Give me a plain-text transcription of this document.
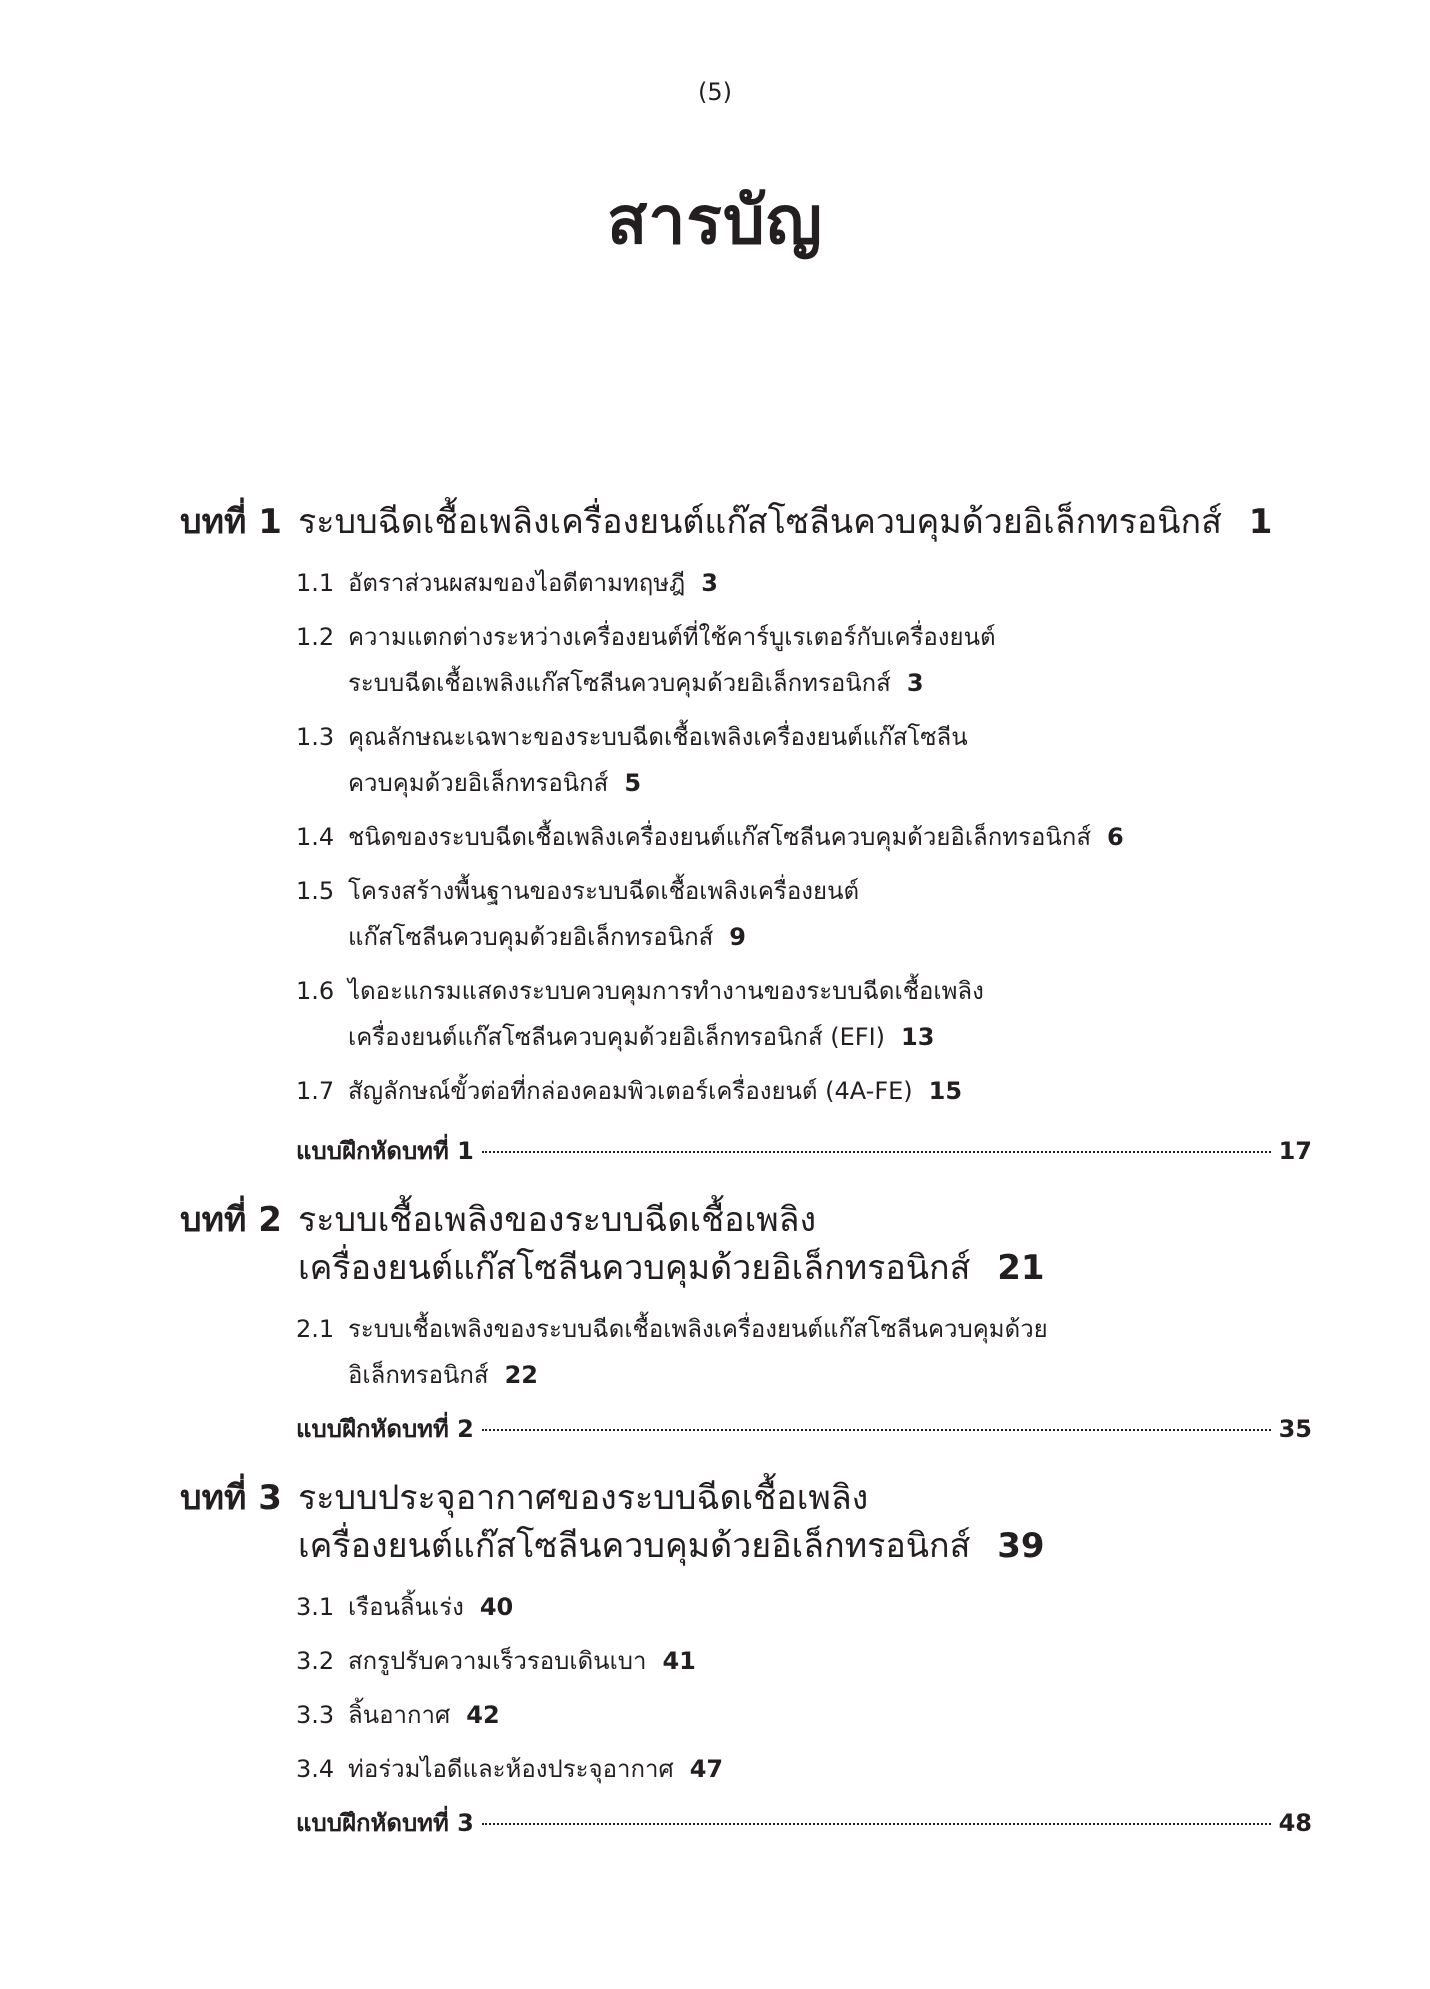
(5)
สารบัญ
บทที่ 1 ระบบฉีดเชื้อเพลิงเครื่องยนต์แก๊สโซลีนควบคุมด้วยอิเล็กทรอนิกส์ 1
1.1 อัตราส่วนผสมของไอดีตามทฤษฎี 3
1.2 ความแตกต่างระหว่างเครื่องยนต์ที่ใช้คาร์บูเรเตอร์กับเครื่องยนต์
ระบบฉีดเชื้อเพลิงแก๊สโซลีนควบคุมด้วยอิเล็กทรอนิกส์ 3
1.3 คุณลักษณะเฉพาะของระบบฉีดเชื้อเพลิงเครื่องยนต์แก๊สโซลีน
ควบคุมด้วยอิเล็กทรอนิกส์ 5
1.4 ชนิดของระบบฉีดเชื้อเพลิงเครื่องยนต์แก๊สโซลีนควบคุมด้วยอิเล็กทรอนิกส์ 6
1.5 โครงสร้างพื้นฐานของระบบฉีดเชื้อเพลิงเครื่องยนต์
แก๊สโซลีนควบคุมด้วยอิเล็กทรอนิกส์ 9
1.6 ไดอะแกรมแสดงระบบควบคุมการทำงานของระบบฉีดเชื้อเพลิง
เครื่องยนต์แก๊สโซลีนควบคุมด้วยอิเล็กทรอนิกส์ (EFI) 13
1.7 สัญลักษณ์ขั้วต่อที่กล่องคอมพิวเตอร์เครื่องยนต์ (4A-FE) 15
แบบฝึกหัดบทที่ 1	17
บทที่ 2 ระบบเชื้อเพลิงของระบบฉีดเชื้อเพลิง
เครื่องยนต์แก๊สโซลีนควบคุมด้วยอิเล็กทรอนิกส์ 21
2.1 ระบบเชื้อเพลิงของระบบฉีดเชื้อเพลิงเครื่องยนต์แก๊สโซลีนควบคุมด้วย
อิเล็กทรอนิกส์ 22
แบบฝึกหัดบทที่ 2	35
บทที่ 3 ระบบประจุอากาศของระบบฉีดเชื้อเพลิง
เครื่องยนต์แก๊สโซลีนควบคุมด้วยอิเล็กทรอนิกส์ 39
3.1 เรือนลิ้นเร่ง 40
3.2 สกรูปรับความเร็วรอบเดินเบา 41
3.3 ลิ้นอากาศ 42
3.4 ท่อร่วมไอดีและห้องประจุอากาศ 47
แบบฝึกหัดบทที่ 3	48
